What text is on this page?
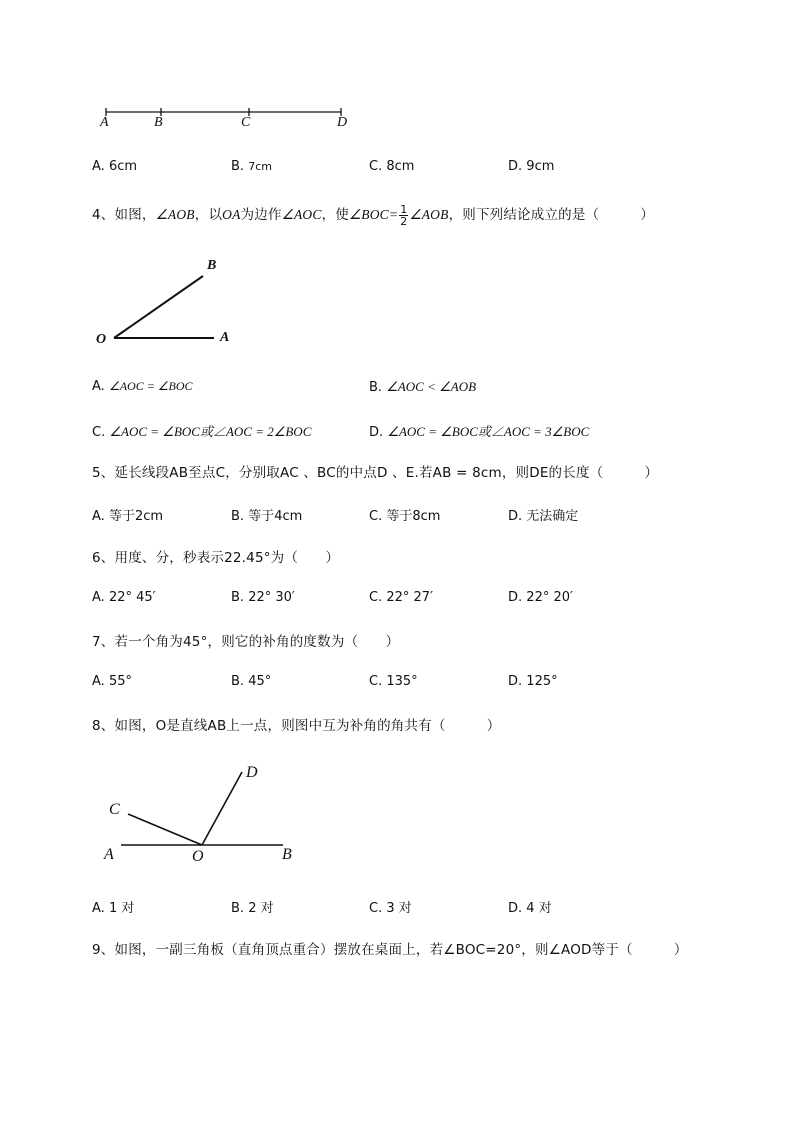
A	B	C	D
A. 6cm	B. 7cm	C. 8cm	D. 9cm
4、如图，∠AOB，以OA为边作∠AOC，使∠BOC= $\frac{1}{2}$ ∠AOB，则下列结论成立的是（　　　）
B
O	A
A. ∠AOC = ∠BOC	B. ∠AOC < ∠AOB
C. ∠AOC = ∠BOC或∠AOC = 2∠BOC	D. ∠AOC = ∠BOC或∠AOC = 3∠BOC
5、延长线段AB至点C，分别取AC 、BC的中点D 、E.若AB = 8cm，则DE的长度（　　　）
A. 等于2cm	B. 等于4cm	C. 等于8cm	D. 无法确定
6、用度、分，秒表示22.45°为（　　）
A. 22° 45′	B. 22° 30′	C. 22° 27′	D. 22° 20′
7、若一个角为45°，则它的补角的度数为（　　）
A. 55°	B. 45°	C. 135°	D. 125°
8、如图，O是直线AB上一点，则图中互为补角的角共有（　　　）
D
C
A	O	B
A. 1 对	B. 2 对	C. 3 对	D. 4 对
9、如图，一副三角板（直角顶点重合）摆放在桌面上，若∠BOC=20°，则∠AOD等于（　　　）
